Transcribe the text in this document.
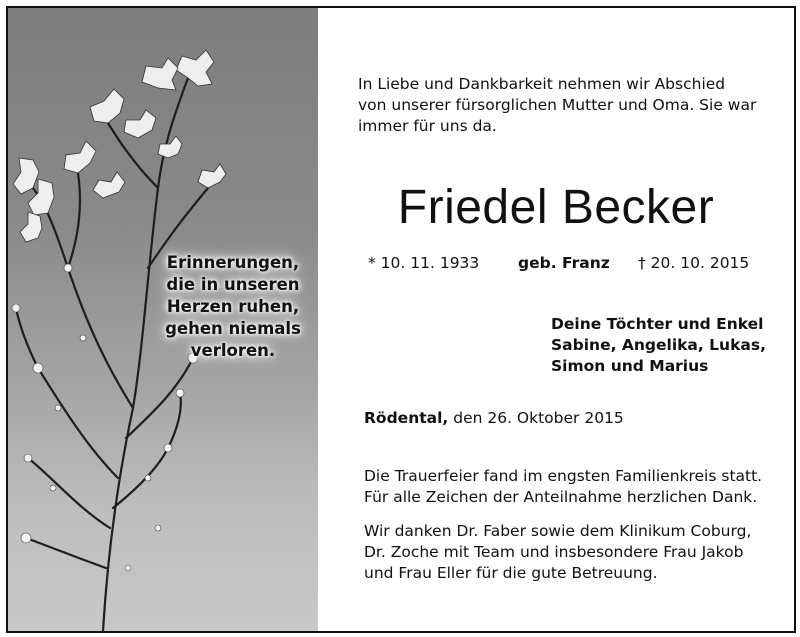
Erinnerungen,
die in unseren
Herzen ruhen,
gehen niemals
verloren.
In Liebe und Dankbarkeit nehmen wir Abschied
von unserer fürsorglichen Mutter und Oma. Sie war
immer für uns da.
Friedel Becker
* 10. 11. 1933 geb. Franz † 20. 10. 2015
Deine Töchter und Enkel
Sabine, Angelika, Lukas,
Simon und Marius
Rödental, den 26. Oktober 2015
Die Trauerfeier fand im engsten Familienkreis statt.
Für alle Zeichen der Anteilnahme herzlichen Dank.
Wir danken Dr. Faber sowie dem Klinikum Coburg,
Dr. Zoche mit Team und insbesondere Frau Jakob
und Frau Eller für die gute Betreuung.
